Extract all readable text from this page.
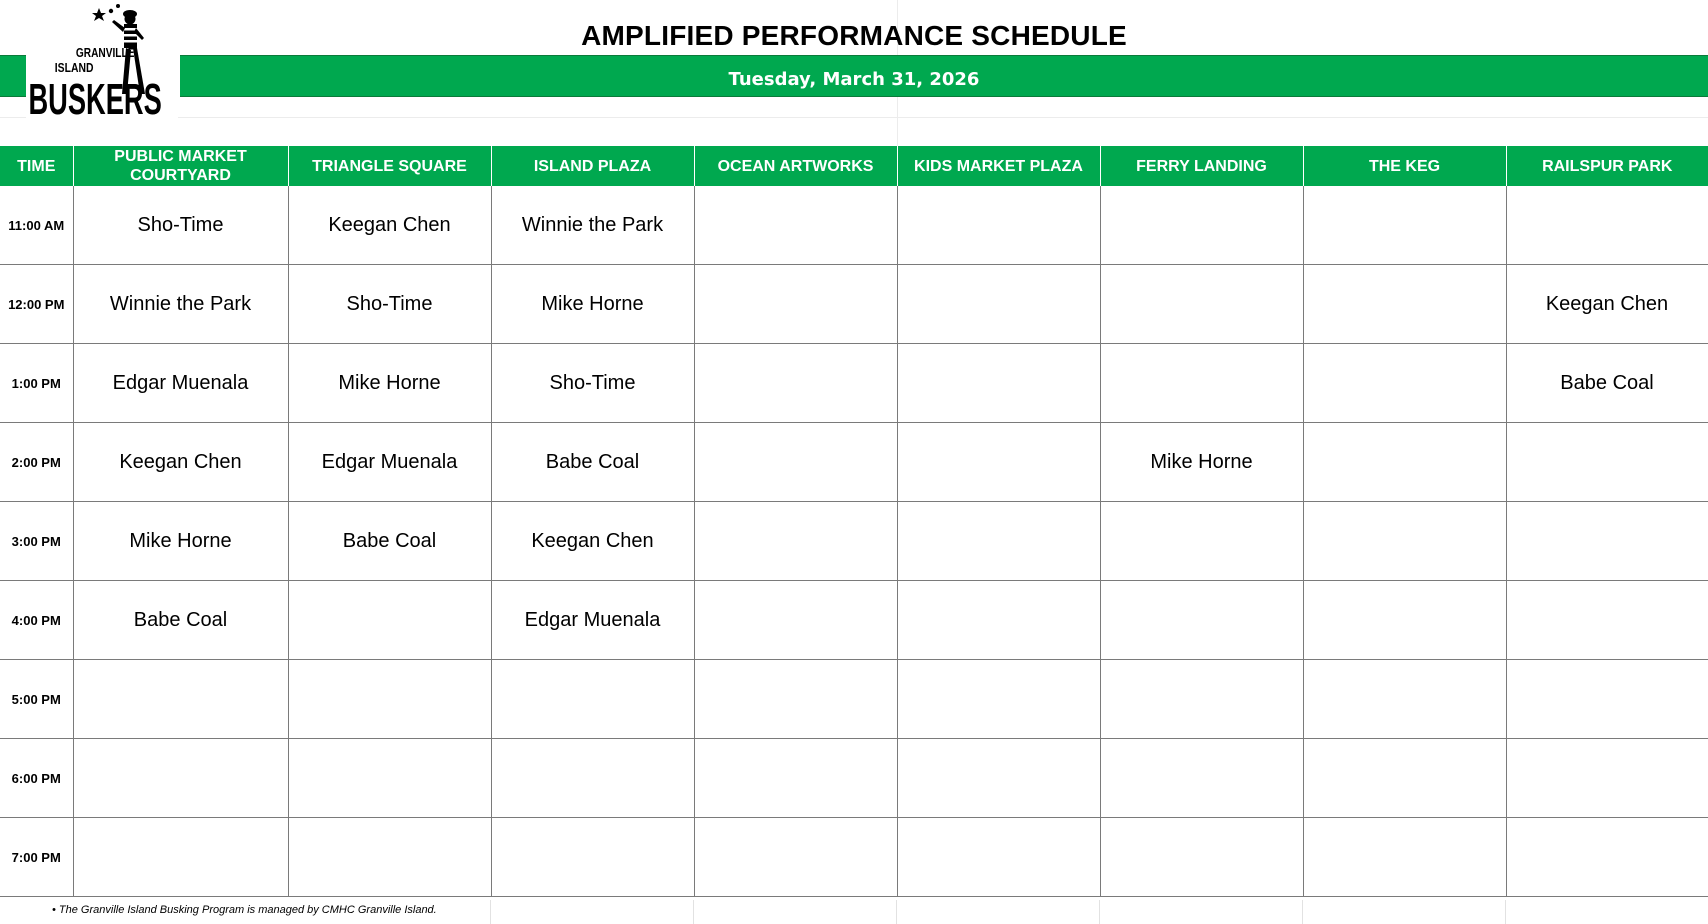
GRANVILLE
ISLAND
BUSKERS
AMPLIFIED PERFORMANCE SCHEDULE
Tuesday, March 31, 2026
TIME	PUBLIC MARKET COURTYARD	TRIANGLE SQUARE	ISLAND PLAZA	OCEAN ARTWORKS	KIDS MARKET PLAZA	FERRY LANDING	THE KEG	RAILSPUR PARK
11:00 AM	Sho-Time	Keegan Chen	Winnie the Park					
12:00 PM	Winnie the Park	Sho-Time	Mike Horne					Keegan Chen
1:00 PM	Edgar Muenala	Mike Horne	Sho-Time					Babe Coal
2:00 PM	Keegan Chen	Edgar Muenala	Babe Coal			Mike Horne		
3:00 PM	Mike Horne	Babe Coal	Keegan Chen					
4:00 PM	Babe Coal		Edgar Muenala					
5:00 PM								
6:00 PM								
7:00 PM								
• The Granville Island Busking Program is managed by CMHC Granville Island.
